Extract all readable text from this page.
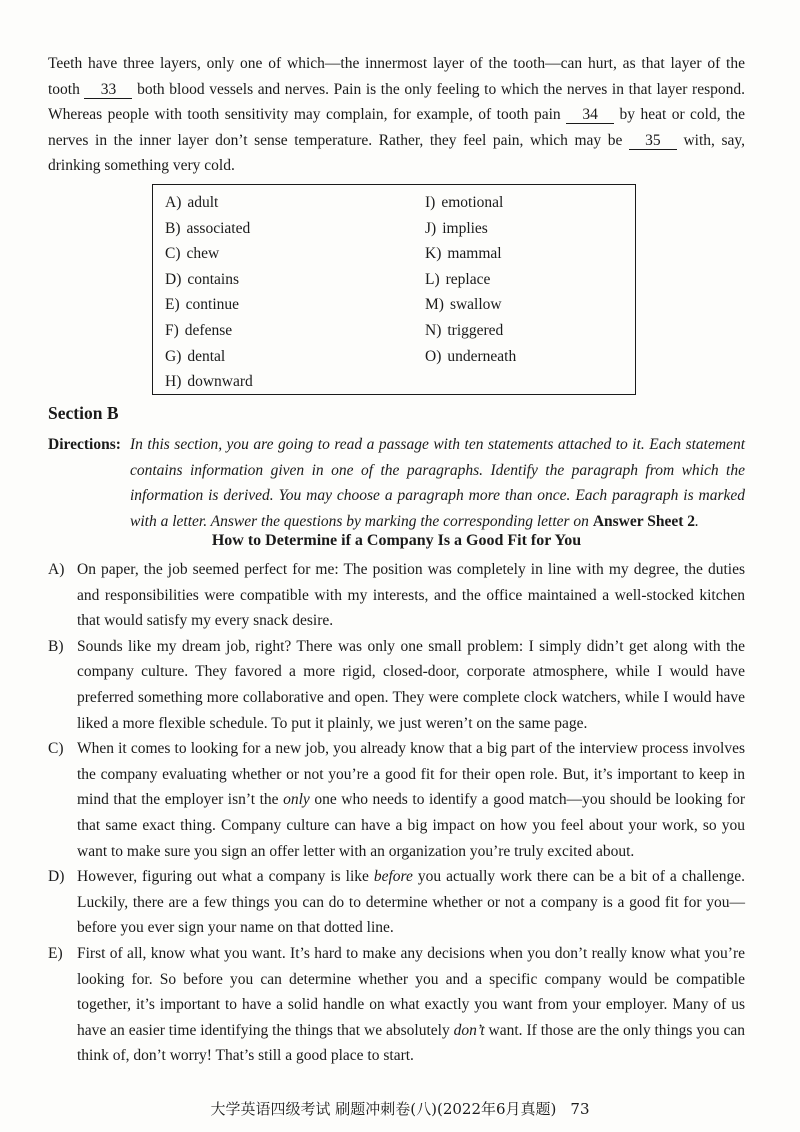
Teeth have three layers, only one of which—the innermost layer of the tooth—can hurt, as that layer of the tooth 33 both blood vessels and nerves. Pain is the only feeling to which the nerves in that layer respond. Whereas people with tooth sensitivity may complain, for example, of tooth pain 34 by heat or cold, the nerves in the inner layer don’t sense temperature. Rather, they feel pain, which may be 35 with, say, drinking something very cold.

A) adult
B) associated
C) chew
D) contains
E) continue
F) defense
G) dental
H) downward
I) emotional
J) implies
K) mammal
L) replace
M) swallow
N) triggered
O) underneath
Section B
Directions: In this section, you are going to read a passage with ten statements attached to it. Each statement contains information given in one of the paragraphs. Identify the paragraph from which the information is derived. You may choose a paragraph more than once. Each paragraph is marked with a letter. Answer the questions by marking the corresponding letter on Answer Sheet 2.
How to Determine if a Company Is a Good Fit for You
A) On paper, the job seemed perfect for me: The position was completely in line with my degree, the duties and responsibilities were compatible with my interests, and the office maintained a well-stocked kitchen that would satisfy my every snack desire.
B) Sounds like my dream job, right? There was only one small problem: I simply didn’t get along with the company culture. They favored a more rigid, closed-door, corporate atmosphere, while I would have preferred something more collaborative and open. They were complete clock watchers, while I would have liked a more flexible schedule. To put it plainly, we just weren’t on the same page.
C) When it comes to looking for a new job, you already know that a big part of the interview process involves the company evaluating whether or not you’re a good fit for their open role. But, it’s important to keep in mind that the employer isn’t the only one who needs to identify a good match—you should be looking for that same exact thing. Company culture can have a big impact on how you feel about your work, so you want to make sure you sign an offer letter with an organization you’re truly excited about.
D) However, figuring out what a company is like before you actually work there can be a bit of a challenge. Luckily, there are a few things you can do to determine whether or not a company is a good fit for you—before you ever sign your name on that dotted line.
E) First of all, know what you want. It’s hard to make any decisions when you don’t really know what you’re looking for. So before you can determine whether you and a specific company would be compatible together, it’s important to have a solid handle on what exactly you want from your employer. Many of us have an easier time identifying the things that we absolutely don’t want. If those are the only things you can think of, don’t worry! That’s still a good place to start.

大学英语四级考试 刷题冲刺卷(八)(2022年6月真题) 73
